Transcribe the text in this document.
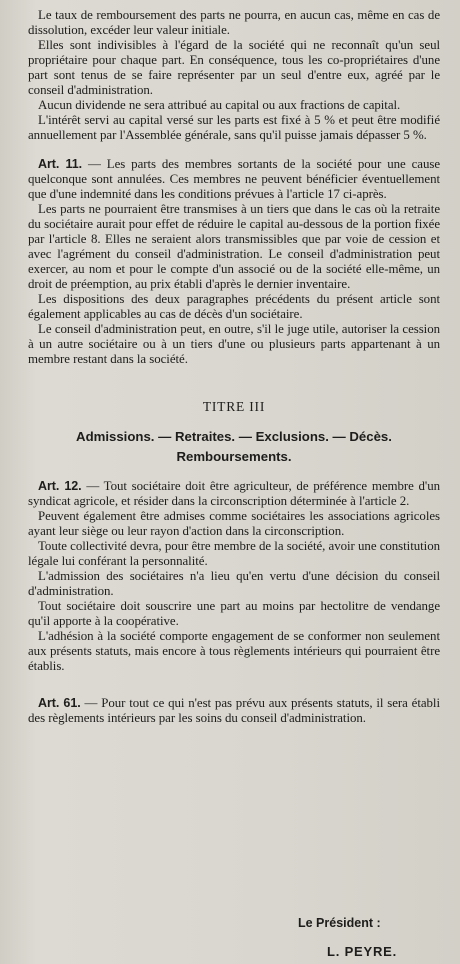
Le taux de remboursement des parts ne pourra, en aucun cas, même en cas de dissolution, excéder leur valeur initiale.

Elles sont indivisibles à l'égard de la société qui ne reconnaît qu'un seul propriétaire pour chaque part. En conséquence, tous les co-propriétaires d'une part sont tenus de se faire représenter par un seul d'entre eux, agréé par le conseil d'administration.

Aucun dividende ne sera attribué au capital ou aux fractions de capital.

L'intérêt servi au capital versé sur les parts est fixé à 5 % et peut être modifié annuellement par l'Assemblée générale, sans qu'il puisse jamais dépasser 5 %.

Art. 11. — Les parts des membres sortants de la société pour une cause quelconque sont annulées. Ces membres ne peuvent bénéficier éventuellement que d'une indemnité dans les conditions prévues à l'article 17 ci-après.

Les parts ne pourraient être transmises à un tiers que dans le cas où la retraite du sociétaire aurait pour effet de réduire le capital au-dessous de la portion fixée par l'article 8. Elles ne seraient alors transmissibles que par voie de cession et avec l'agrément du conseil d'administration. Le conseil d'administration peut exercer, au nom et pour le compte d'un associé ou de la société elle-même, un droit de préemption, au prix établi d'après le dernier inventaire.

Les dispositions des deux paragraphes précédents du présent article sont également applicables au cas de décès d'un sociétaire.

Le conseil d'administration peut, en outre, s'il le juge utile, autoriser la cession à un autre sociétaire ou à un tiers d'une ou plusieurs parts appartenant à un membre restant dans la société.

TITRE III

Admissions. — Retraites. — Exclusions. — Décès.

Remboursements.

Art. 12. — Tout sociétaire doit être agriculteur, de préférence membre d'un syndicat agricole, et résider dans la circonscription déterminée à l'article 2.

Peuvent également être admises comme sociétaires les associations agricoles ayant leur siège ou leur rayon d'action dans la circonscription.

Toute collectivité devra, pour être membre de la société, avoir une constitution légale lui conférant la personnalité.

L'admission des sociétaires n'a lieu qu'en vertu d'une décision du conseil d'administration.

Tout sociétaire doit souscrire une part au moins par hectolitre de vendange qu'il apporte à la coopérative.

L'adhésion à la société comporte engagement de se conformer non seulement aux présents statuts, mais encore à tous règlements intérieurs qui pourraient être établis.

Art. 61. — Pour tout ce qui n'est pas prévu aux présents statuts, il sera établi des règlements intérieurs par les soins du conseil d'administration.

Le Président :

L. PEYRE.
